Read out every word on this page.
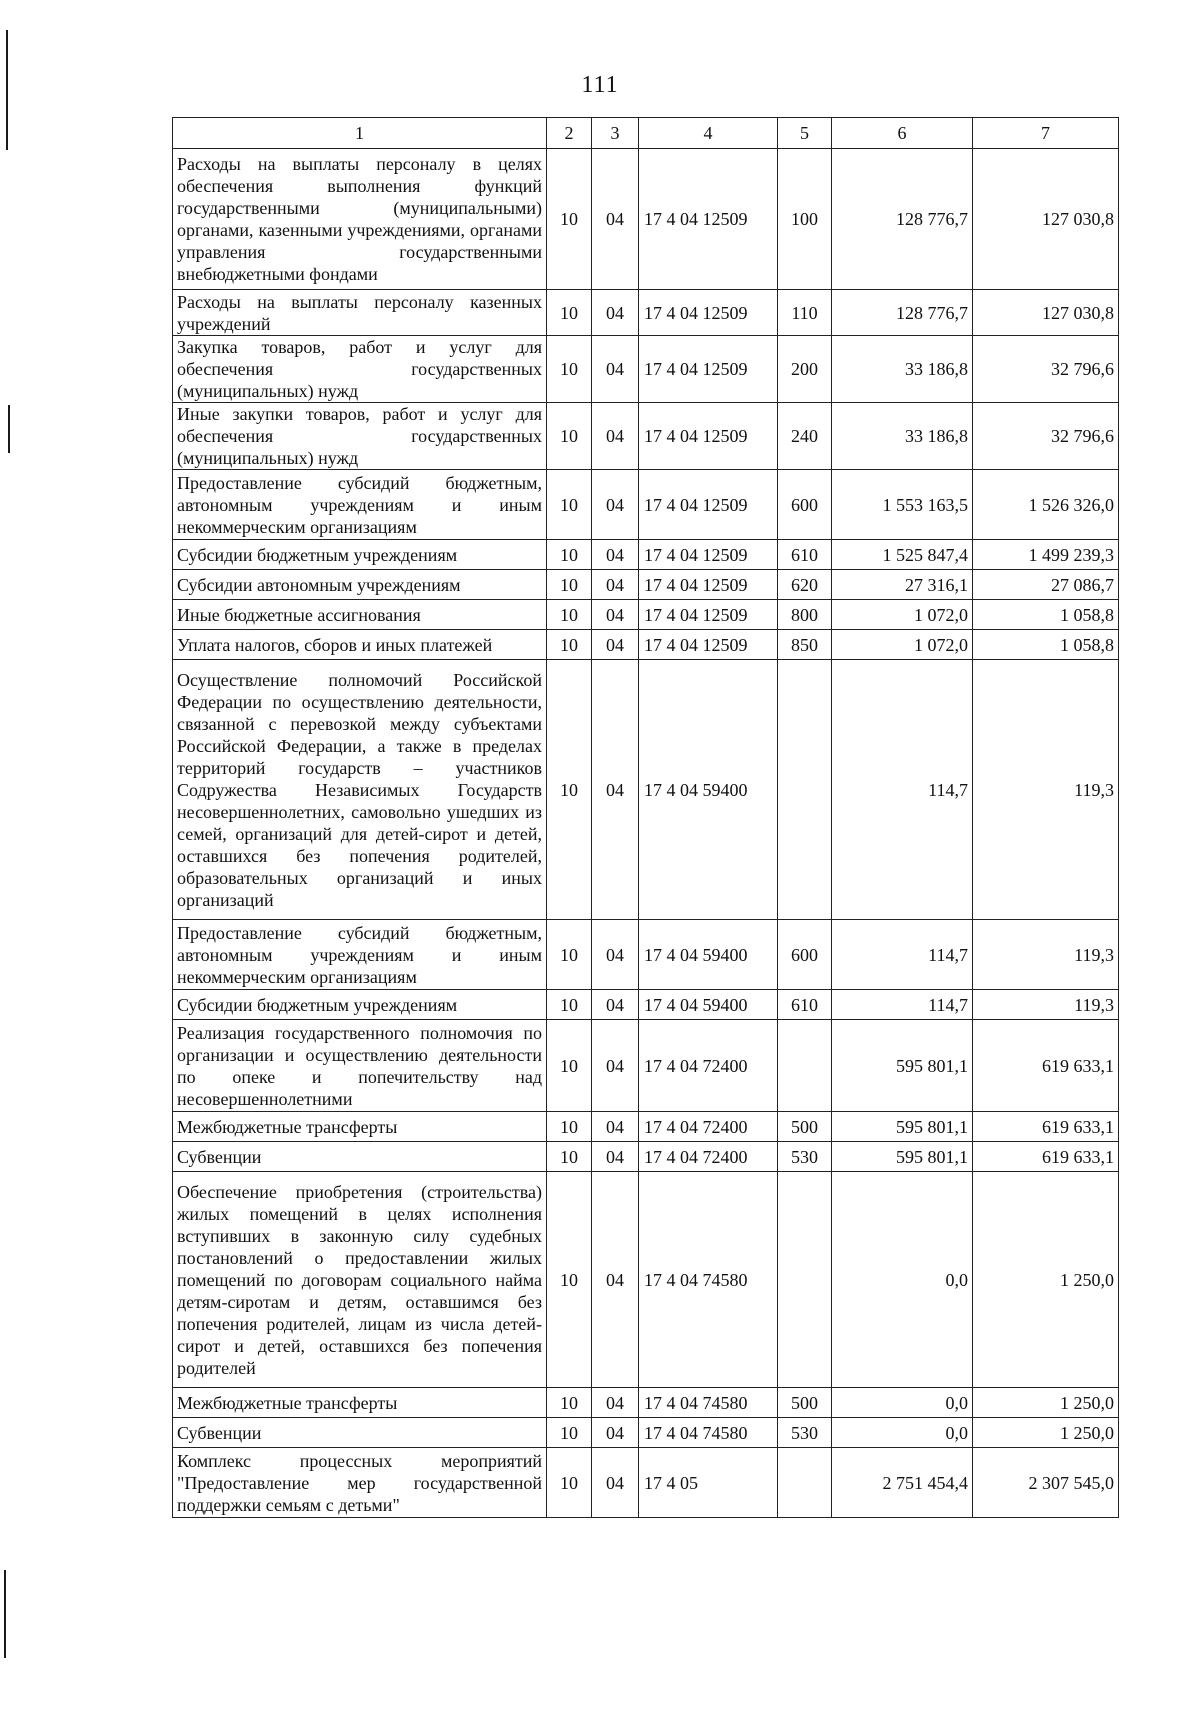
111
1	2	3	4	5	6	7
Расходы на выплаты персоналу в целях обеспечения выполнения функций государственными (муниципальными) органами, казенными учреждениями, органами управления государственными внебюджетными фондами	10	04	17 4 04 12509	100	128 776,7	127 030,8
Расходы на выплаты персоналу казенных учреждений	10	04	17 4 04 12509	110	128 776,7	127 030,8
Закупка товаров, работ и услуг для обеспечения государственных (муниципальных) нужд	10	04	17 4 04 12509	200	33 186,8	32 796,6
Иные закупки товаров, работ и услуг для обеспечения государственных (муниципальных) нужд	10	04	17 4 04 12509	240	33 186,8	32 796,6
Предоставление субсидий бюджетным, автономным учреждениям и иным некоммерческим организациям	10	04	17 4 04 12509	600	1 553 163,5	1 526 326,0
Субсидии бюджетным учреждениям	10	04	17 4 04 12509	610	1 525 847,4	1 499 239,3
Субсидии автономным учреждениям	10	04	17 4 04 12509	620	27 316,1	27 086,7
Иные бюджетные ассигнования	10	04	17 4 04 12509	800	1 072,0	1 058,8
Уплата налогов, сборов и иных платежей	10	04	17 4 04 12509	850	1 072,0	1 058,8
Осуществление полномочий Российской Федерации по осуществлению деятельности, связанной с перевозкой между субъектами Российской Федерации, а также в пределах территорий государств – участников Содружества Независимых Государств несовершеннолетних, самовольно ушедших из семей, организаций для детей-сирот и детей, оставшихся без попечения родителей, образовательных организаций и иных организаций	10	04	17 4 04 59400		114,7	119,3
Предоставление субсидий бюджетным, автономным учреждениям и иным некоммерческим организациям	10	04	17 4 04 59400	600	114,7	119,3
Субсидии бюджетным учреждениям	10	04	17 4 04 59400	610	114,7	119,3
Реализация государственного полномочия по организации и осуществлению деятельности по опеке и попечительству над несовершеннолетними	10	04	17 4 04 72400		595 801,1	619 633,1
Межбюджетные трансферты	10	04	17 4 04 72400	500	595 801,1	619 633,1
Субвенции	10	04	17 4 04 72400	530	595 801,1	619 633,1
Обеспечение приобретения (строительства) жилых помещений в целях исполнения вступивших в законную силу судебных постановлений о предоставлении жилых помещений по договорам социального найма детям-сиротам и детям, оставшимся без попечения родителей, лицам из числа детей-сирот и детей, оставшихся без попечения родителей	10	04	17 4 04 74580		0,0	1 250,0
Межбюджетные трансферты	10	04	17 4 04 74580	500	0,0	1 250,0
Субвенции	10	04	17 4 04 74580	530	0,0	1 250,0
Комплекс процессных мероприятий "Предоставление мер государственной поддержки семьям с детьми"	10	04	17 4 05		2 751 454,4	2 307 545,0
